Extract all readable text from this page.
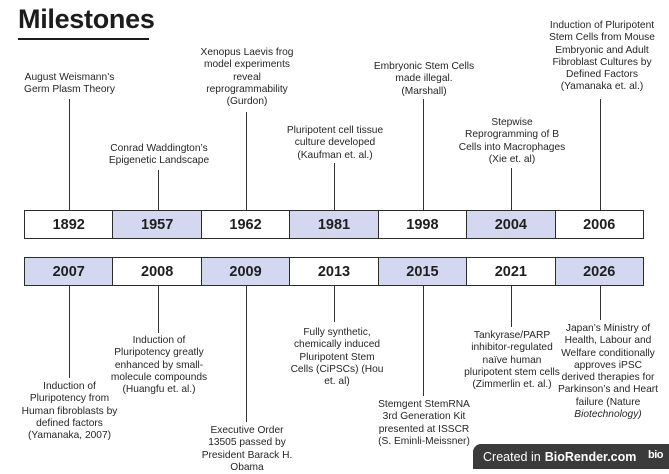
Milestones
1892	1957	1962	1981	1998	2004	2006
2007	2008	2009	2013	2015	2021	2026
August Weismann’s
Germ Plasm Theory
Conrad Waddington’s
Epigenetic Landscape
Xenopus Laevis frog
model experiments
reveal
reprogrammability
(Gurdon)
Pluripotent cell tissue
culture developed
(Kaufman et. al.)
Embryonic Stem Cells
made illegal.
(Marshall)
Stepwise
Reprogramming of B
Cells into Macrophages
(Xie et. al)
Induction of Pluripotent
Stem Cells from Mouse
Embryonic and Adult
Fibroblast Cultures by
Defined Factors
(Yamanaka et. al.)
Induction of
Pluripotency from
Human fibroblasts by
defined factors
(Yamanaka, 2007)
Induction of
Pluripotency greatly
enhanced by small-
molecule compounds
(Huangfu et. al.)
Executive Order
13505 passed by
President Barack H.
Obama
Fully synthetic,
chemically induced
Pluripotent Stem
Cells (CiPSCs) (Hou
et. al)
Stemgent StemRNA
3rd Generation Kit
presented at ISSCR
(S. Eminli-Meissner)
Tankyrase/PARP
inhibitor-regulated
naïve human
pluripotent stem cells
(Zimmerlin et. al.)
Japan’s Ministry of
Health, Labour and
Welfare conditionally
approves iPSC
derived therapies for
Parkinson’s and Heart
failure (Nature
Biotechnology)
Created in BioRender.com bio
